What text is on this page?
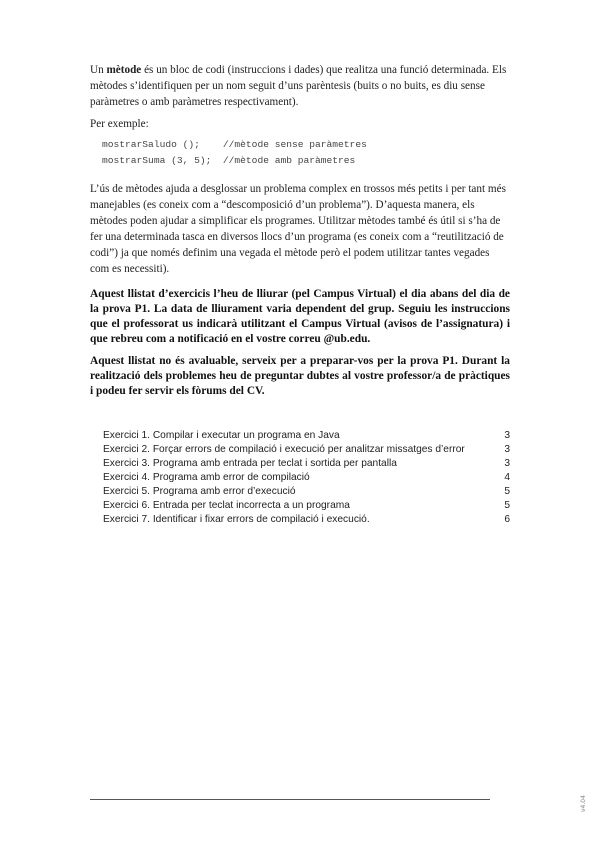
Un mètode és un bloc de codi (instruccions i dades) que realitza una funció determinada. Els mètodes s’identifiquen per un nom seguit d’uns parèntesis (buits o no buits, es diu sense paràmetres o amb paràmetres respectivament).

Per exemple:

mostrarSaludo ();    //mètode sense paràmetres
mostrarSuma (3, 5);  //mètode amb paràmetres

L’ús de mètodes ajuda a desglossar un problema complex en trossos més petits i per tant més manejables (es coneix com a “descomposició d’un problema”). D’aquesta manera, els mètodes poden ajudar a simplificar els programes. Utilitzar mètodes també és útil si s’ha de fer una determinada tasca en diversos llocs d’un programa (es coneix com a “reutilització de codi”) ja que només definim una vegada el mètode però el podem utilitzar tantes vegades com es necessiti).

Aquest llistat d’exercicis l’heu de lliurar (pel Campus Virtual) el dia abans del dia de la prova P1. La data de lliurament varia dependent del grup. Seguiu les instruccions que el professorat us indicarà utilitzant el Campus Virtual (avisos de l’assignatura) i que rebreu com a notificació en el vostre correu @ub.edu.

Aquest llistat no és avaluable, serveix per a preparar-vos per la prova P1. Durant la realització dels problemes heu de preguntar dubtes al vostre professor/a de pràctiques i podeu fer servir els fòrums del CV.

Exercici 1. Compilar i executar un programa en Java	3
Exercici 2. Forçar errors de compilació i execució per analitzar missatges d’error	3
Exercici 3. Programa amb entrada per teclat i sortida per pantalla	3
Exercici 4. Programa amb error de compilació	4
Exercici 5. Programa amb error d’execució	5
Exercici 6. Entrada per teclat incorrecta a un programa	5
Exercici 7. Identificar i fixar errors de compilació i execució.	6
v4.04
